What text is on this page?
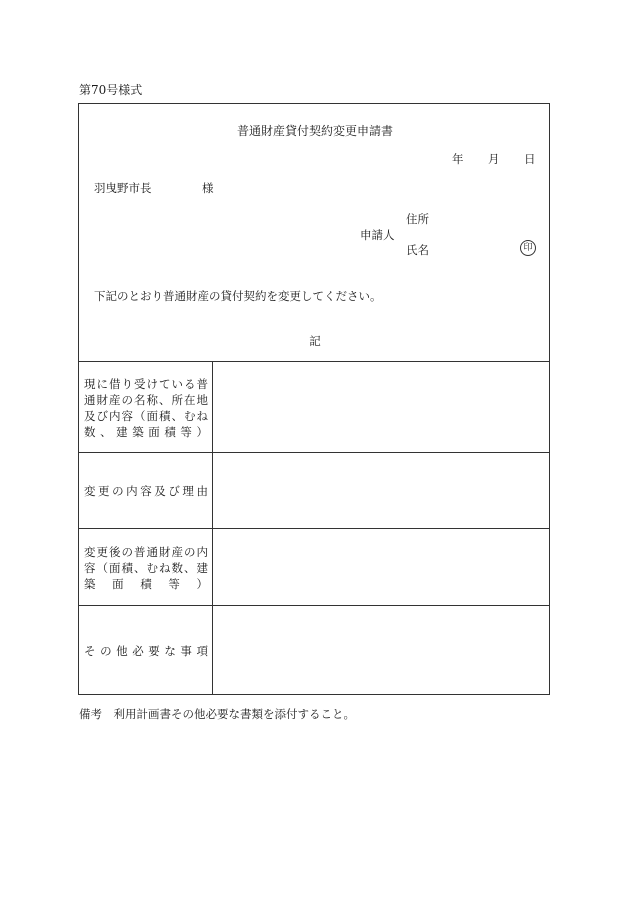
第70号様式
普通財産貸付契約変更申請書
年 月 日
羽曳野市長	様
住所
申請人
氏名	印
下記のとおり普通財産の貸付契約を変更してください。
記
現に借り受けている普通財産の名称、所在地及び内容（面積、むね数、建築面積等）
変更の内容及び理由
変更後の普通財産の内容（面積、むね数、建築面積等）
その他必要な事項
備考　利用計画書その他必要な書類を添付すること。
